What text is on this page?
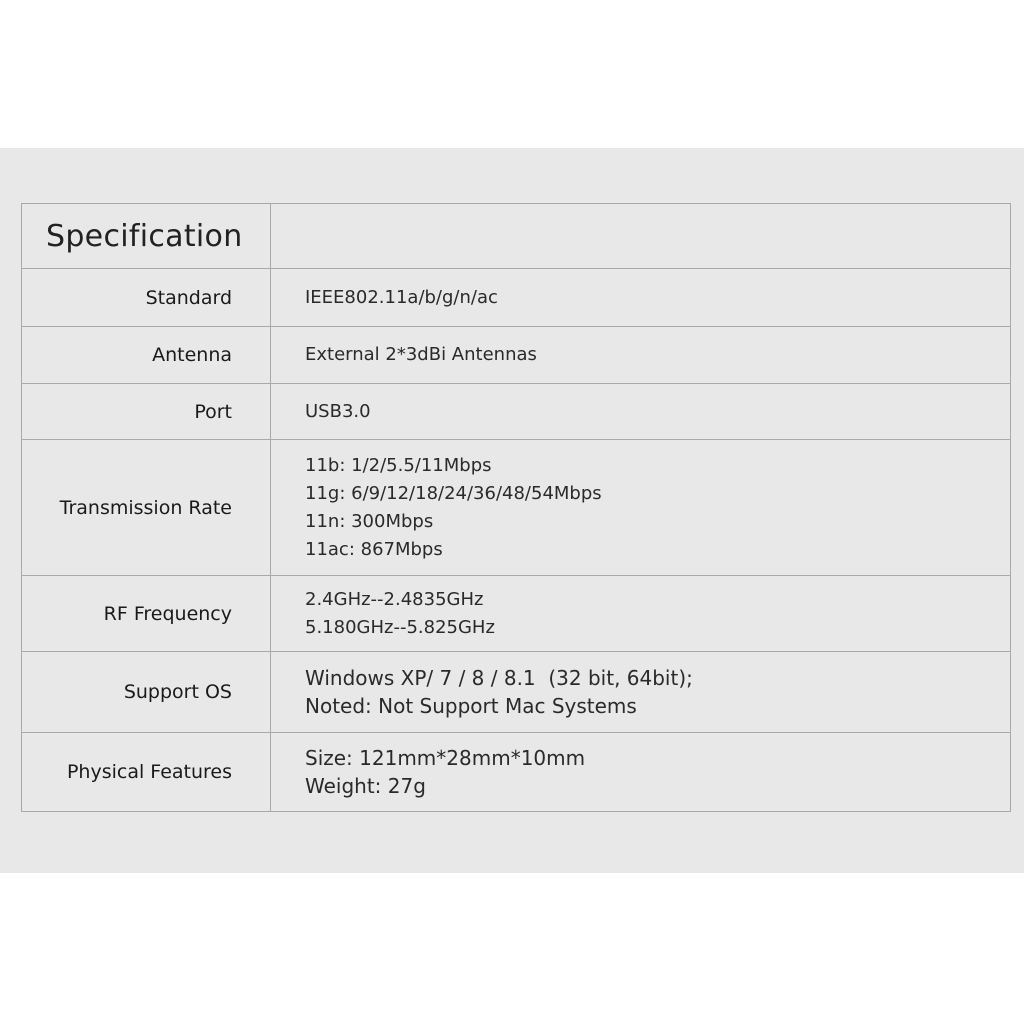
Specification	
Standard	IEEE802.11a/b/g/n/ac

Antenna	External 2*3dBi Antennas

Port	USB3.0

Transmission Rate	11b: 1/2/5.5/11Mbps
11g: 6/9/12/18/24/36/48/54Mbps
11n: 300Mbps
11ac: 867Mbps

RF Frequency	2.4GHz--2.4835GHz
5.180GHz--5.825GHz

Support OS	Windows XP/ 7 / 8 / 8.1  (32 bit, 64bit);
Noted: Not Support Mac Systems

Physical Features	Size: 121mm*28mm*10mm
Weight: 27g
